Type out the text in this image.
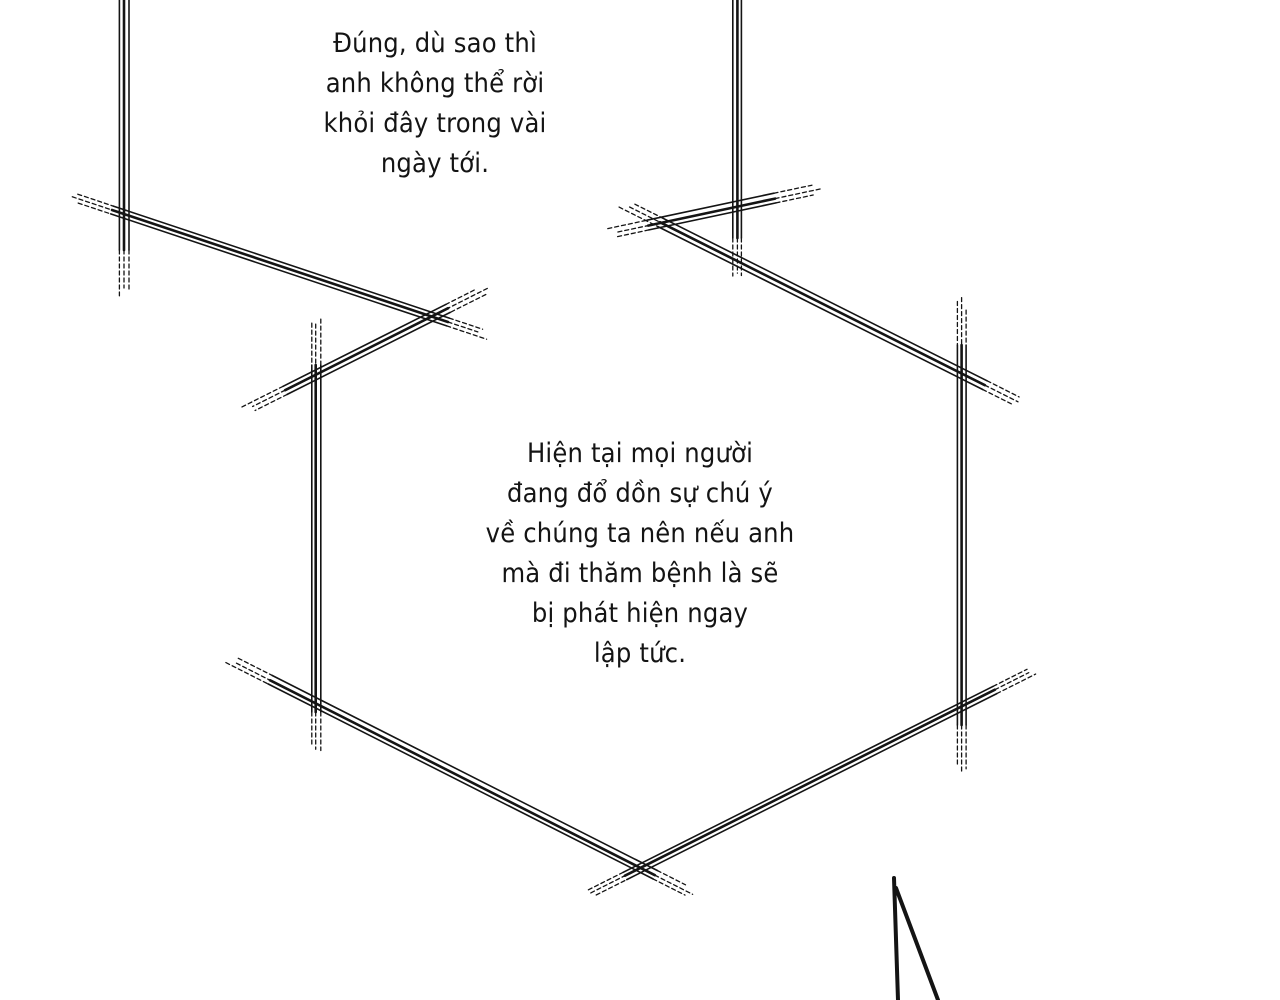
Đúng, dù sao thì
anh không thể rời
khỏi đây trong vài
ngày tới.

Hiện tại mọi người
đang đổ dồn sự chú ý
về chúng ta nên nếu anh
mà đi thăm bệnh là sẽ
bị phát hiện ngay
lập tức.
